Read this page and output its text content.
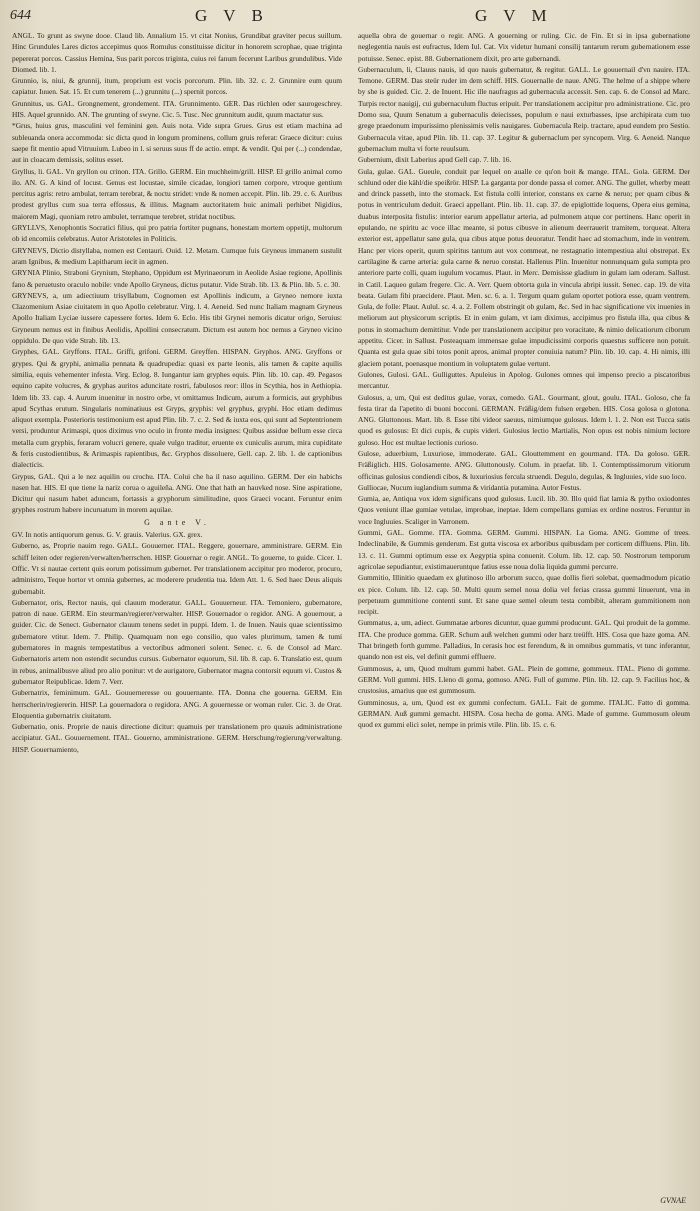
644	G V B	G V M

ANGL. To grunt as swyne dooe. Claud lib. Annalium 15. vt citat Nonius, Grundibat graviter pecus suillum. Hinc Grundules Lares dictos accepimus quos Romulus constituisse dicitur in honorem scrophae, quae triginta pepererat porcos. Cassius Hemina, Sus parit porcos triginta, cuius rei fanum fecerunt Laribus grundulibus. Vide Diomed. lib. 1.

Grunnio, is, niui, & grunnij, itum, proprium est vocis porcorum. Plin. lib. 32. c. 2. Grunnire eum quum capiatur. Iuuen. Sat. 15. Et cum tenerem (...) grunnitu (...) spernit porcos.

Grunnitus, us. GAL. Grongnement, grondement. ITA. Grunnimento. GER. Das rüchlen oder saurogeschrey. HIS. Aquel grunnido. AN. The grunting of swyne. Cic. 5. Tusc. Nec grunnitum audit, quum mactatur sus.

*Grus, huius grus, masculini vel feminini gen. Auis nota. Vide supra Grues. Grus est etiam machina ad subleuanda onera accommoda: sic dicta quod in longum prominens, collum gruis referat: Graece dicitur: cuius saepe fit mentio apud Vitruuium. Lubeo in l. si seruus suus ff de actio. empt. & vendit. Qui per (...) condendae, aut in cloacam demissis, solitus esset.

Gryllus, li. GAL. Vn gryllon ou crinon. ITA. Grillo. GERM. Ein muchheim/grill. HISP. El grillo animal como ilo. AN. G. A kind of locust. Genus est locustae, simile cicadae, longiori tamen corpore, vtroque gentium percitus agris: retro ambulat, terram terebrat, & noctu stridet: vnde & nomen accepit. Plin. lib. 29. c. 6. Auribus prodest gryllus cum sua terra effossus, & illitus. Magnam auctoritatem huic animali perhibet Nigidius, maiorem Magi, quoniam retro ambulet, terramque terebret, stridat noctibus.

GRYLLVS, Xenophontis Socratici filius, qui pro patria fortiter pugnans, honestam mortem oppetijt, multorum ob id encomiis celebratus. Autor Aristoteles in Politicis.

GRYNEVS, Dictio distyllaba, nomen est Centauri. Ouid. 12. Metam. Cumque fuis Gryneus immanem sustulit aram Ignibus, & medium Lapitharum iecit in agmen.

GRYNIA Plinio, Straboni Grynium, Stephano, Oppidum est Myrinaeorum in Aeolide Asiae regione, Apollinis fano & peruetusto oraculo nobile: vnde Apollo Gryneus, dictus putatur. Vide Strab. lib. 13. & Plin. lib. 5. c. 30.

GRYNEVS, a, um adiectiuum trisyllabum, Cognomen est Apollinis indicum, a Gryneo nemore iuxta Clazomenium Asiae ciuitatem in quo Apollo celebratur. Virg. l. 4. Aeneid. Sed nunc Italiam magnam Gryneus Apollo Italiam Lyciae iussere capessere fortes. Idem 6. Eclo. His tibi Grynei nemoris dicatur origo, Seruius: Gryneum nemus est in finibus Aeolidis, Apollini consecratum. Dictum est autem hoc nemus a Gryneo vicino oppidulo. De quo vide Strab. lib. 13.

Gryphes, GAL. Gryffons. ITAL. Griffi, grifoni. GERM. Greyffen. HISPAN. Gryphos. ANG. Gryffons or grypes. Qui & gryphi, animalia pennata & quadrupedia: quasi ex parte leonis, alis tamen & capite aquilis similia, equis vehementer infesta. Virg. Eclog. 8. Iungantur iam gryphes equis. Plin. lib. 10. cap. 49. Pegasos equino capite volucres, & gryphas auritos aduncitate rostri, fabulosos reor: illos in Scythia, hos in Aethiopia. Idem lib. 33. cap. 4. Aurum inuenitur in nostro orbe, vt omittamus Indicum, aurum a formicis, aut gryphibus apud Scythas erutum. Singularis nominatiuus est Gryps, gryphis: vel gryphus, gryphi. Hoc etiam dedimus aliquot exempla. Posterioris testimonium est apud Plin. lib. 7. c. 2. Sed & iuxta eos, qui sunt ad Septentrionem versi, produntur Arimaspi, quos diximus vno oculo in fronte media insignes: Quibus assidue bellum esse circa metalla cum gryphis, feraram volucri genere, quale vulgo traditur, eruente ex cuniculis aurum, mira cupiditate & feris custodientibus, & Arimaspis rapientibus, &c. Gryphos dissoluere, Gell. cap. 2. lib. 1. de captionibus dialecticis.

Grypus, GAL. Qui a le nez aquilin ou crochu. ITA. Colui che ha il naso aquilino. GERM. Der ein habichs nasen hat. HIS. El que tiene la nariz corua o aguileña. ANG. One that hath an hauvked nose. Sine aspiratione, Dicitur qui nasum habet aduncum, fortassis a gryphorum similitudine, quos Graeci vocant. Feruntur enim gryphes rostrum habere incuruatum in morem aquilae.

G ante V.

GV. In notis antiquorum genus. G. V. grauis. Valerius. GX. grex.

Guberno, as, Proprie nauim rego. GALL. Gouuerner. ITAL. Reggere, gouernare, amministrare. GERM. Ein schiff leiten oder regieren/verwalten/herrschen. HISP. Gouernar o regir. ANGL. To gouerne, to guide. Cicer. 1. Offic. Vt si nautae certent quis eorum potissimum gubernet. Per translationem accipitur pro moderor, procuro, administro, Teque hortor vt omnia gubernes, ac moderere prudentia tua. Idem Att. 1. 6. Sed haec Deus aliquis gubernabit.

Gubernator, oris, Rector nauis, qui clauum moderatur. GALL. Gouuerneur. ITA. Temoniero, gubernatore, patron di naue. GERM. Ein steurman/regierer/verwalter. HISP. Gouernador o regidor. ANG. A gouernour, a guider. Cic. de Senect. Gubernator clauum tenens sedet in puppi. Idem. 1. de Inuen. Nauis quae scientissimo gubernatore vtitur. Idem. 7. Philip. Quamquam non ego consilio, quo vales plurimum, tamen & tumi gubernatores in magnis tempestatibus a vectoribus admoneri solent. Senec. c. 6. de Consol ad Marc. Gubernatoris artem non ostendit secundus cursus. Gubernator equorum, Sil. lib. 8. cap. 6. Translatio est, quum in rebus, animalibusve aliud pro alio ponitur: vt de aurigatore, Gubernator magna contorsit equum vi. Custos & gubernator Reipublicae. Idem 7. Verr.

Gubernatrix, feminimum. GAL. Gouuerneresse ou gouuernante. ITA. Donna che gouerna. GERM. Ein herrscherin/regiererin. HISP. La gouernadora o regidora. ANG. A gouernesse or woman ruler. Cic. 3. de Orat. Eloquentia gubernatrix ciuitatum.

Gubernatio, onis. Proprie de nauis directione dicitur: quamuis per translationem pro quauis administratione accipiatur. GAL. Gouuernement. ITAL. Gouerno, amministratione. GERM. Herschung/regierung/verwaltung. HISP. Gouernamiento,

aquella obra de gouernar o regir. ANG. A gouerning or ruling. Cic. de Fin. Et si in ipsa gubernatione neglegentia nauis est eufractus, Idem Iul. Cat. Vix videtur humani consilij tantarum rerum gubernationem esse potuisse. Senec. epist. 88. Gubernationem dixit, pro arte gubernandi.

Gubernaculum, li, Clauus nauis, id quo nauis gubernatur, & regitur. GALL. Le gouuernail d'vn nauire. ITA. Temone. GERM. Das steür ruder im dem schiff. HIS. Gouernalle de naue. ANG. The helme of a shippe where by she is guided. Cic. 2. de Inuent. Hic ille naufragus ad gubernacula accessit. Sen. cap. 6. de Consol ad Marc. Turpis rector nauigij, cui gubernaculum fluctus eripuit. Per translationem accipitur pro administratione. Cic. pro Domo sua, Quum Senatum a gubernaculis deiecisses, populum e naui exturbasses, ipse archipirata cum tuo grege praedonum impurissimo plenissimis velis nauigares. Gubernacula Reip. tractare, apud eundem pro Sestio. Gubernacula vitae, apud Plin. lib. 11. cap. 37. Legitur & gubernaclum per syncopem. Virg. 6. Aeneid. Nanque gubernaclum multa vi forte reuulsum.

Gubernium, dixit Laberius apud Gell cap. 7. lib. 16.

Gula, gulae. GAL. Gueule, conduit par lequel on aualle ce qu'on boit & mange. ITAL. Gola. GERM. Der schlund oder die kähl/die speißrör. HISP. La garganta por donde passa el comer. ANG. The gullet, wherby meatt and drinck passeth, into the stomack. Est fistula colli interior, constans ex carne & neruo; per quam cibus & potus in ventriculum deduit. Graeci appellant. Plin. lib. 11. cap. 37. de epiglottide loquens, Opera eius gemina, duabus interposita fistulis: interior earum appellatur arteria, ad pulmonem atque cor pertinens. Hanc operit in epulando, ne spiritu ac voce illac meante, si potus cibusve in alienum deerrauerit tramitem, torqueat. Altera exterior est, appellatur sane gula, qua cibus atque potus deuoratur. Tendit haec ad stomachum, inde in ventrem. Hanc per vices operit, quum spiritus tantum aut vox commeat, ne restagnatio intempestiua alui obstrepat. Ex cartilagine & carne arteria: gula carne & neruo constat. Hallenus Plin. Inuenitur nonnunquam gula sumpta pro anteriore parte colli, quam iugulum vocamus. Plaut. in Merc. Demisisse gladium in gulam iam oderam. Sallust. in Catil. Laqueo gulam fregere. Cic. A. Verr. Quem obtorta gula in vincula abripi iussit. Senec. cap. 19. de vita beata. Gulam fibi praecidere. Plaut. Men. sc. 6. a. 1. Tergum quam gulam oportet potiora esse, quam ventrem. Gula, de folle: Plaut. Aulul. sc. 4. a. 2. Follem obstringit ob gulam, &c. Sed in hac significatione vix inuenies in meliorum aut physicorum scriptis. Et in enim gulam, vt iam diximus, accipimus pro fistula illa, qua cibus & potus in stomachum demittitur. Vnde per translationem accipitur pro voracitate, & nimio delicatiorum ciborum appetitu. Cicer. in Sallust. Posteaquam immensae gulae impudicissimi corporis quaestus sufficere non potuit. Quanta est gula quae sibi totos ponit apros, animal propter conuiuia natum? Plin. lib. 10. cap. 4. Hi nimis, illi glaciem potant, poenasque montium in voluptatem gulae vertunt.

Gulones, Gulosi. GAL. Gulliguttes. Apuleius in Apolog. Gulones omnes qui impenso precio a piscatoribus mercantur.

Gulosus, a, um, Qui est deditus gulae, vorax, comedo. GAL. Gourmant, glout, goulu. ITAL. Goloso, che fa festa tirar da l'apetito di buoni bocconi. GERMAN. Fräßig/dem fulsen ergeben. HIS. Cosa golosa o glotona. ANG. Gluttonous. Mart. lib. 8. Esse tibi videor saeuus, nimiumque gulosus. Idem l. 1. 2. Non est Tucca satis quod es gulosus: Et dici cupis, & cupis videri. Gulosius lectio Martialis, Non opus est nobis nimium lectore guloso. Hoc est multae lectionis curioso.

Gulose, aduerbium, Luxuriose, immoderate. GAL. Glouttemment en gourmand. ITA. Da goloso. GER. Fräßiglich. HIS. Golosamente. ANG. Gluttonously. Colum. in praefat. lib. 1. Contemptissimorum vitiorum officinas gulosius condiendi cibos, & luxuriosius fercula struendi. Degulo, degulas, & Ingluuies, vide suo loco.

Gulliocae, Nucum iuglandium summa & viridantia putamina. Autor Festus.

Gumia, ae, Antiqua vox idem significans quod gulosus. Lucil. lib. 30. Illo quid fiat lamia & pytho oxiodontes Quos veniunt illae gumiae vetulae, improbae, ineptae. Idem compellans gumias ex ordine nostros. Feruntur in voce Ingluuies. Scaliger in Varronem.

Gummi, GAL. Gomme. ITA. Gomma. GERM. Gummi. HISPAN. La Goma. ANG. Gomme of trees. Indeclinabile, & Gummis genderum. Est gutta viscosa ex arboribus quibusdam per corticem diffluens. Plin. lib. 13. c. 11. Gummi optimum esse ex Aegyptia spina conuenit. Colum. lib. 12. cap. 50. Nostrorum temporum agricolae sepudiantur, existimaueruntque fatius esse noua dolia liquida gummi percurre.

Gummitio, Illinitio quaedam ex glutinoso illo arborum succo, quae dollis fieri solebat, quemadmodum picatio ex pice. Colum. lib. 12. cap. 50. Multi quum semel noua dolia vel ferias crassa gummi linuerunt, vna in perpetuum gummitione contenti sunt. Et sane quae semel oleum testa combibit, alteram gummitionem non recipit.

Gummatus, a, um, adiect. Gummatae arbores dicuntur, quae gummi producunt. GAL. Qui produit de la gomme. ITA. Che produce gomma. GER. Schum auß welchen gummi oder harz treüfft. HIS. Cosa que haze goma. AN. That bringeth forth gumme. Palladius, In cerasis hoc est ferendum, & in omnibus gummatis, vt tunc inferantur, quando non est eis, vel definit gummi effluere.

Gummosus, a, um, Quod multum gummi habet. GAL. Plein de gomme, gommeux. ITAL. Pieno di gomme. GERM. Voll gummi. HIS. Lleno di goma, gomoso. ANG. Full of gumme. Plin. lib. 12. cap. 9. Facilius hoc, & crustosius, amarius que est gummosum.

Gumminosus, a, um, Quod est ex gummi confectum. GALL. Fait de gomme. ITALIC. Fatto di gomma. GERMAN. Auß gummi gemacht. HISPA. Cosa hecha de goma. ANG. Made of gumme. Gummosum oleum quod ex gummi elici solet, nempe in primis vtile. Plin. lib. 15. c. 6.

GVNAE
